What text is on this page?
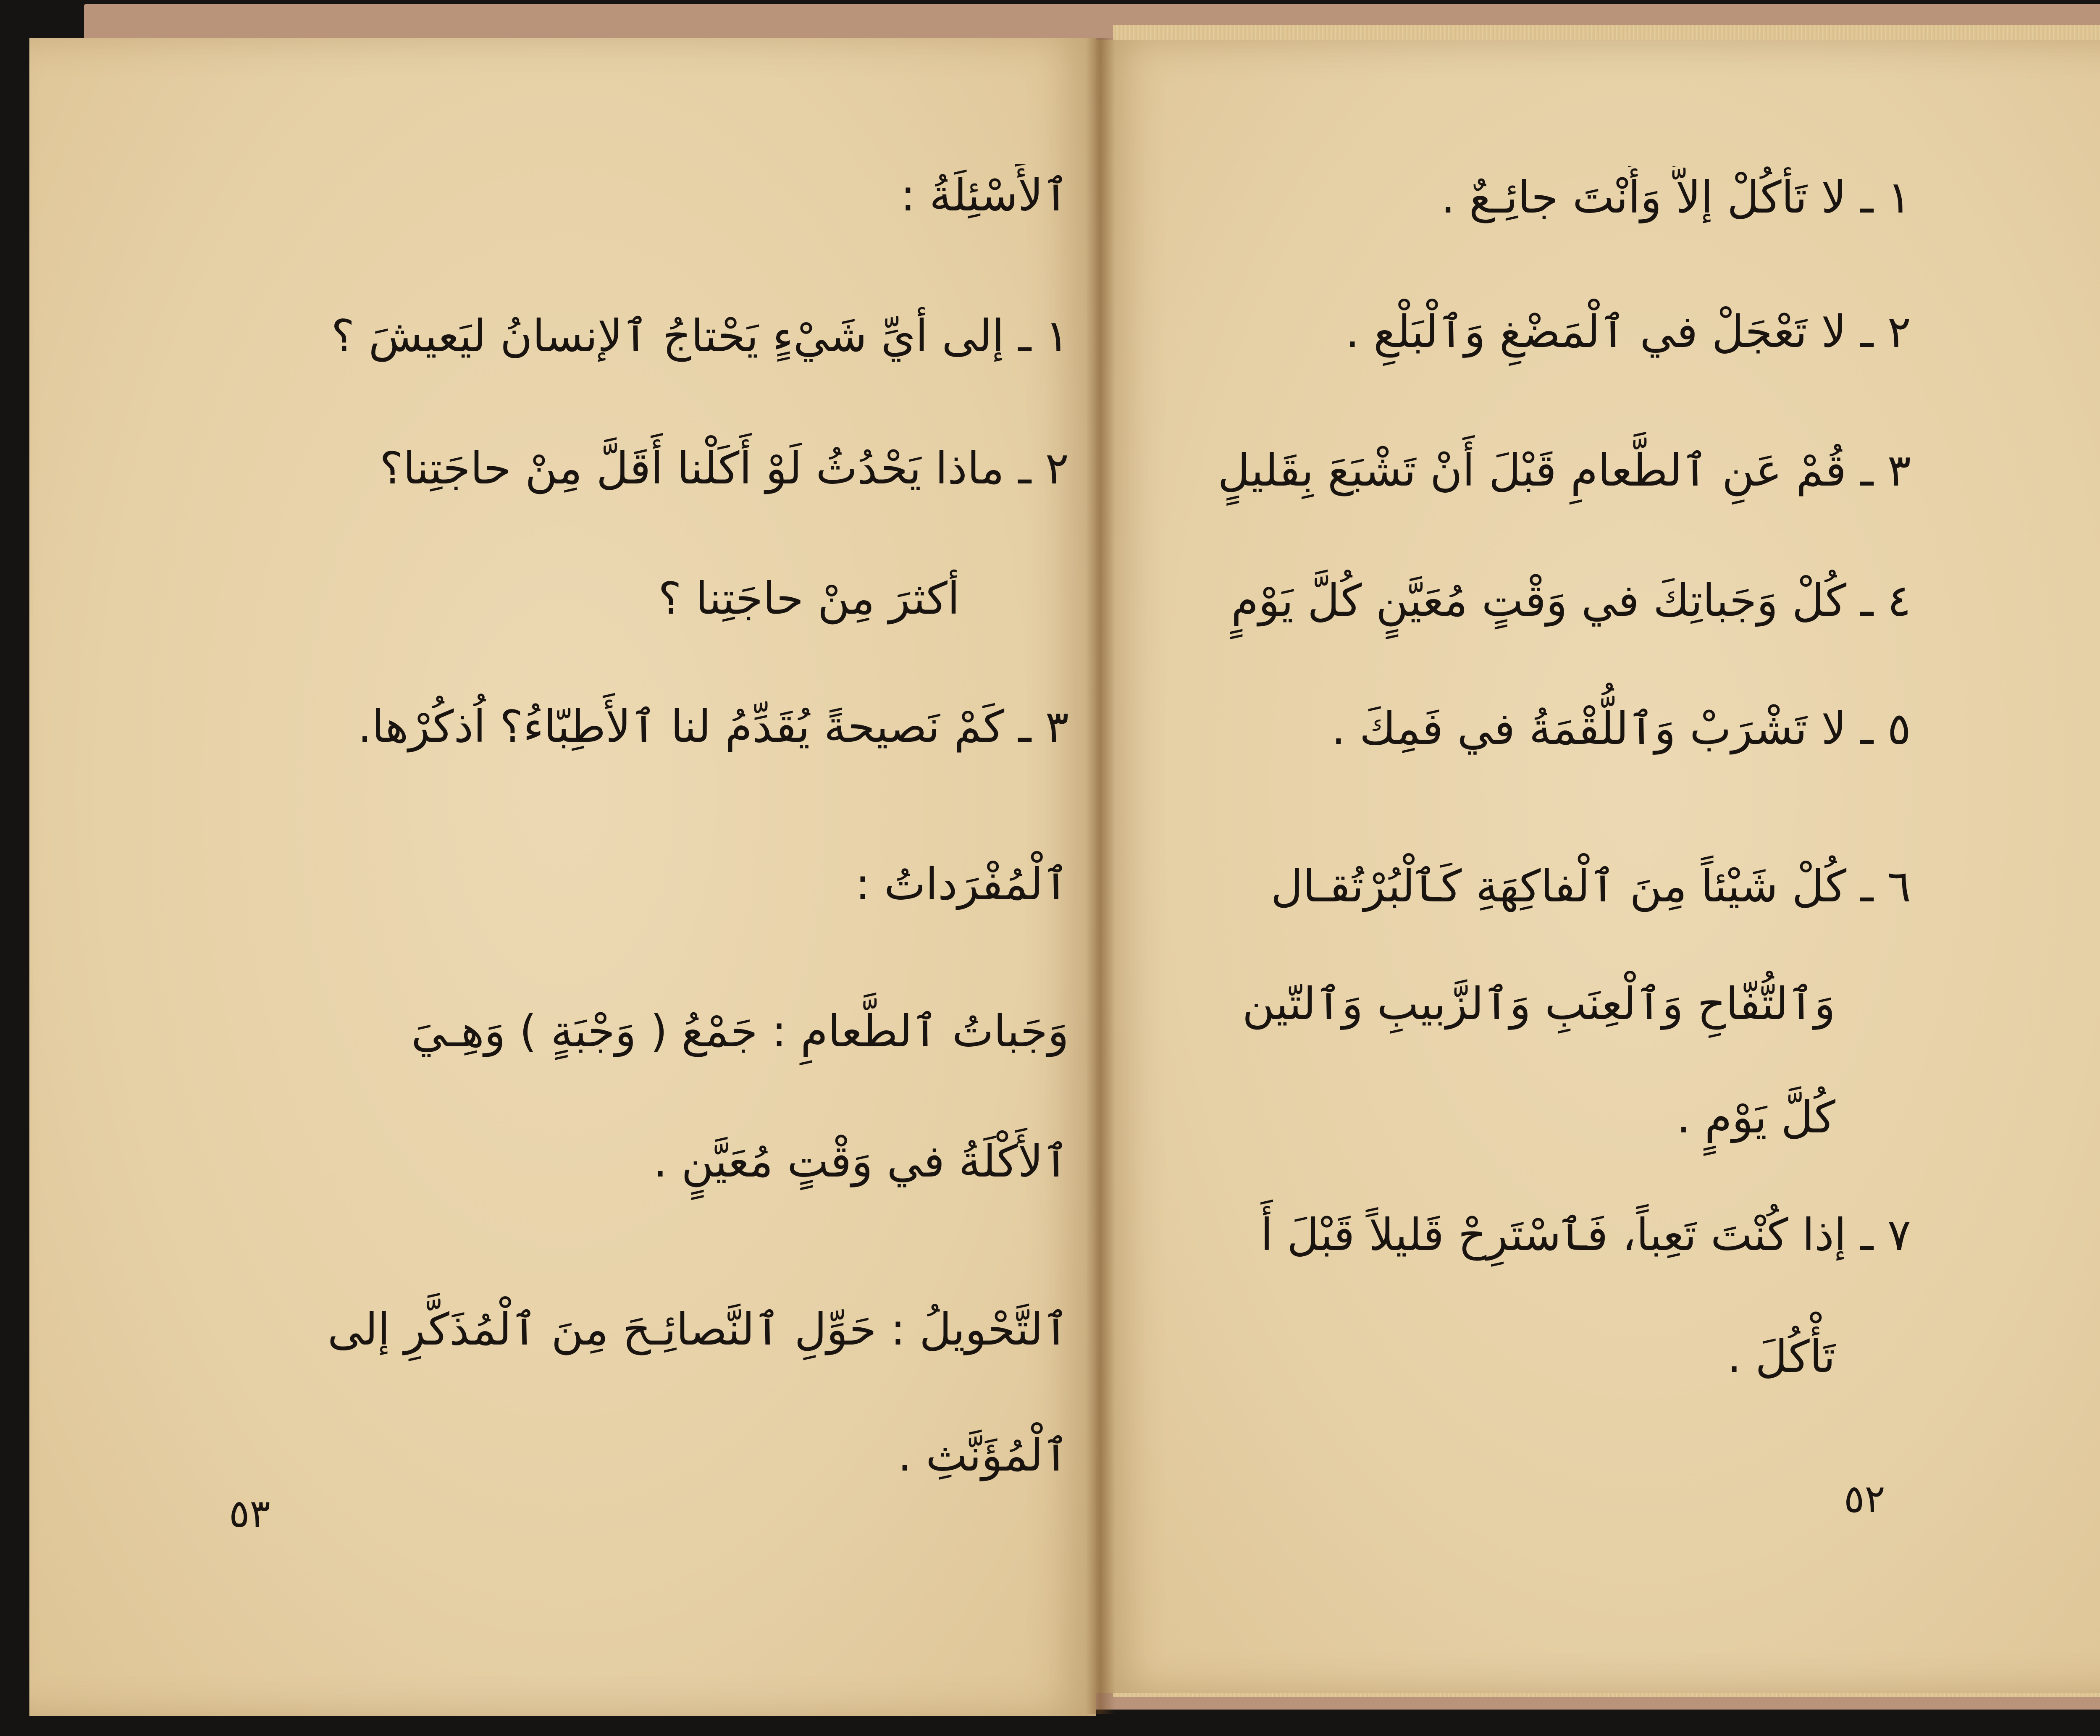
ٱلأَسْئِلَةُ :
١ ـ إلى أيِّ شَيْءٍ يَحْتاجُ ٱلإنسانُ ليَعيشَ ؟
٢ ـ ماذا يَحْدُثُ لَوْ أَكَلْنا أَقَلَّ مِنْ حاجَتِنا؟
أكثرَ مِنْ حاجَتِنا ؟
٣ ـ كَمْ نَصيحةً يُقَدِّمُ لنا ٱلأَطِبّاءُ؟ اُذكُرْها.
ٱلْمُفْرَداتُ :
وَجَباتُ ٱلطَّعامِ : جَمْعُ ( وَجْبَةٍ ) وَهِـيَ
ٱلأَكْلَةُ في وَقْتٍ مُعَيَّنٍ .
ٱلتَّحْويلُ : حَوِّلِ ٱلنَّصائِـحَ مِنَ ٱلْمُذَكَّرِ إلى
ٱلْمُؤَنَّثِ .
٥٣
١ ـ لا تَأْكُلْ إلاَّ وَأَنْتَ جائِـعٌ .
٢ ـ لا تَعْجَلْ في ٱلْمَضْغِ وَٱلْبَلْعِ .
٣ ـ قُمْ عَنِ ٱلطَّعامِ قَبْلَ أَنْ تَشْبَعَ بِقَليلٍ
٤ ـ كُلْ وَجَباتِكَ في وَقْتٍ مُعَيَّنٍ كُلَّ يَوْمٍ
٥ ـ لا تَشْرَبْ وَٱللُّقْمَةُ في فَمِكَ .
٦ ـ كُلْ شَيْئاً مِنَ ٱلْفاكِهَةِ كَٱلْبُرْتُقـال
وَٱلتُّفّاحِ وَٱلْعِنَبِ وَٱلزَّبيبِ وَٱلتّين
كُلَّ يَوْمٍ .
٧ ـ إذا كُنْتَ تَعِباً، فَٱسْتَرِحْ قَليلاً قَبْلَ أَ
تَأْكُلَ .
٥٢
